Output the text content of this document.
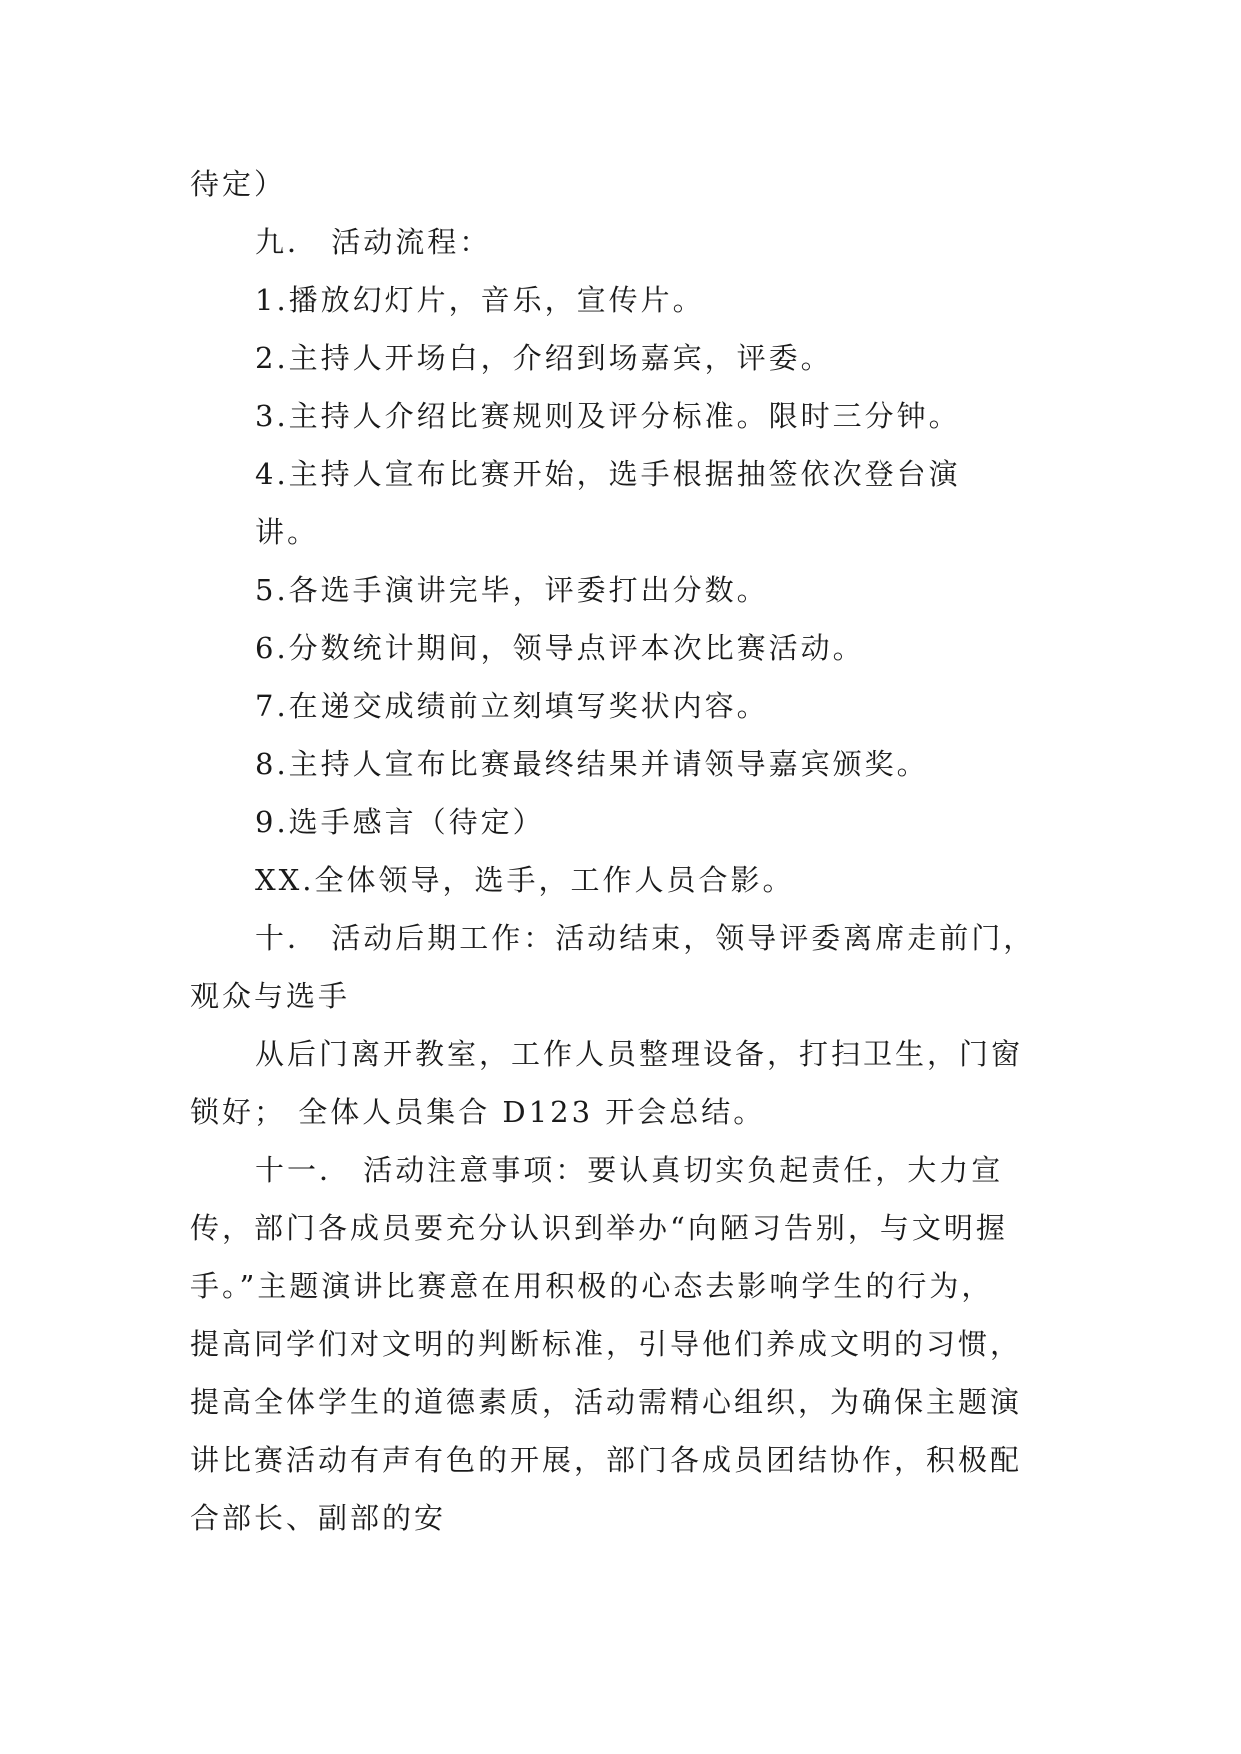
待定）
九． 活动流程：
1.播放幻灯片，音乐，宣传片。
2.主持人开场白，介绍到场嘉宾，评委。
3.主持人介绍比赛规则及评分标准。限时三分钟。
4.主持人宣布比赛开始，选手根据抽签依次登台演
讲。
5.各选手演讲完毕，评委打出分数。
6.分数统计期间，领导点评本次比赛活动。
7.在递交成绩前立刻填写奖状内容。
8.主持人宣布比赛最终结果并请领导嘉宾颁奖。
9.选手感言（待定）
XX.全体领导，选手，工作人员合影。
十． 活动后期工作：活动结束，领导评委离席走前门，
观众与选手
从后门离开教室，工作人员整理设备，打扫卫生，门窗
锁好； 全体人员集合 D123 开会总结。
十一． 活动注意事项：要认真切实负起责任，大力宣
传，部门各成员要充分认识到举办“向陋习告别，与文明握
手。”主题演讲比赛意在用积极的心态去影响学生的行为，
提高同学们对文明的判断标准，引导他们养成文明的习惯，
提高全体学生的道德素质，活动需精心组织，为确保主题演
讲比赛活动有声有色的开展，部门各成员团结协作，积极配
合部长、副部的安
